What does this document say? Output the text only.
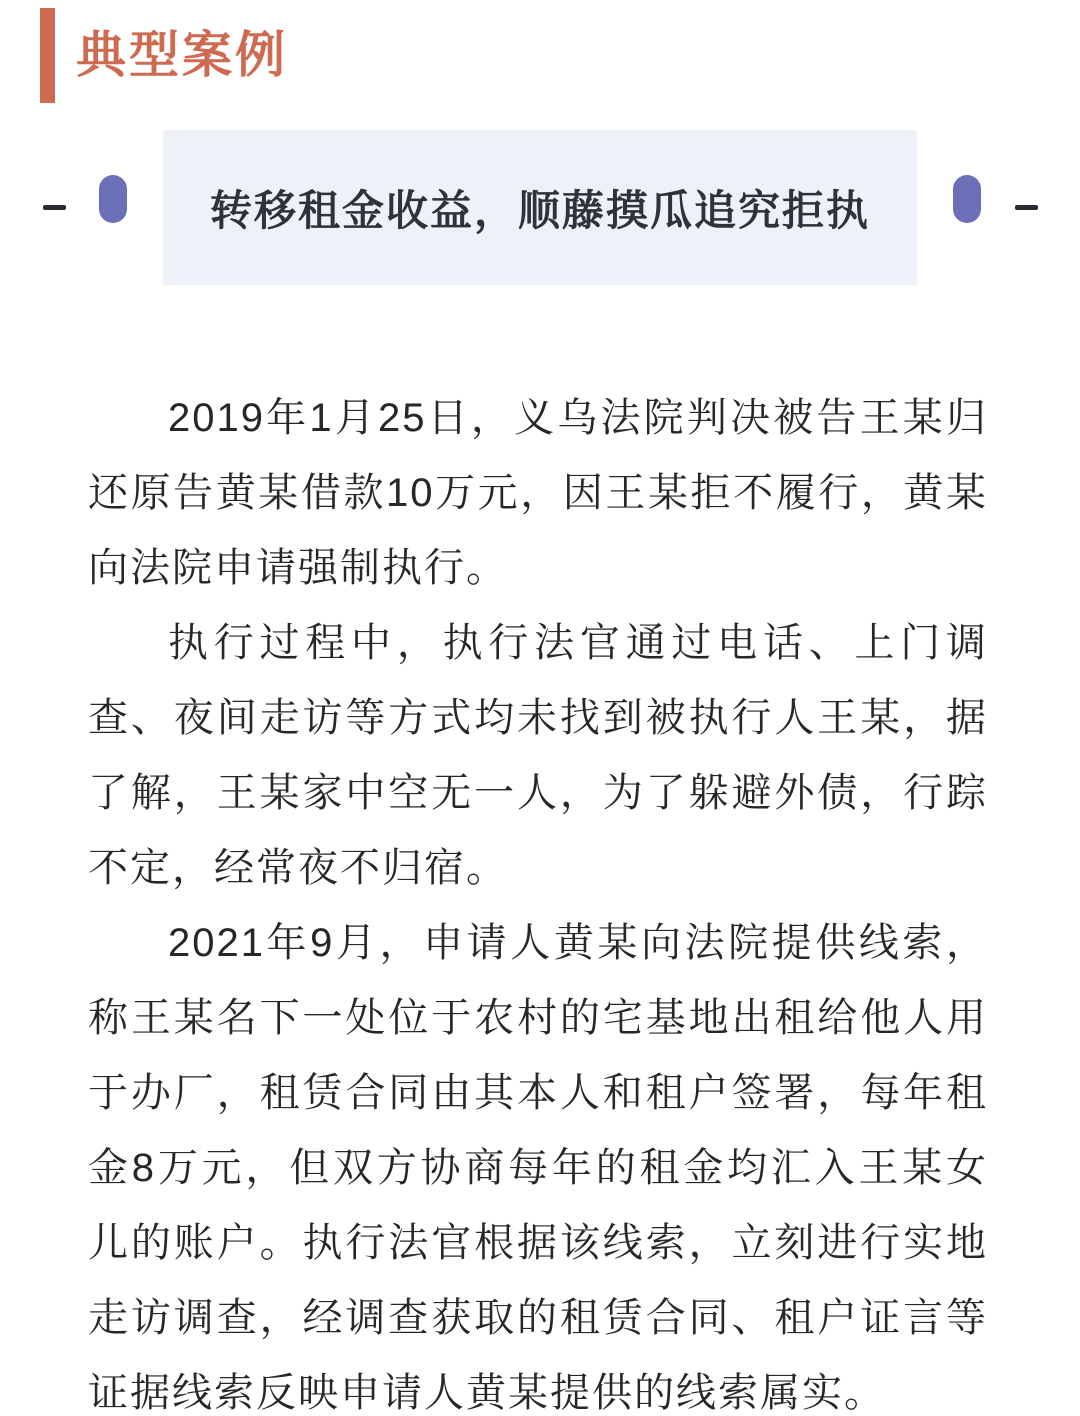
典型案例
转移租金收益，顺藤摸瓜追究拒执

2019年1月25日，义乌法院判决被告王某归还原告黄某借款10万元，因王某拒不履行，黄某向法院申请强制执行。

执行过程中，执行法官通过电话、上门调查、夜间走访等方式均未找到被执行人王某，据了解，王某家中空无一人，为了躲避外债，行踪不定，经常夜不归宿。

2021年9月，申请人黄某向法院提供线索，称王某名下一处位于农村的宅基地出租给他人用于办厂，租赁合同由其本人和租户签署，每年租金8万元，但双方协商每年的租金均汇入王某女儿的账户。执行法官根据该线索，立刻进行实地走访调查，经调查获取的租赁合同、租户证言等证据线索反映申请人黄某提供的线索属实。
